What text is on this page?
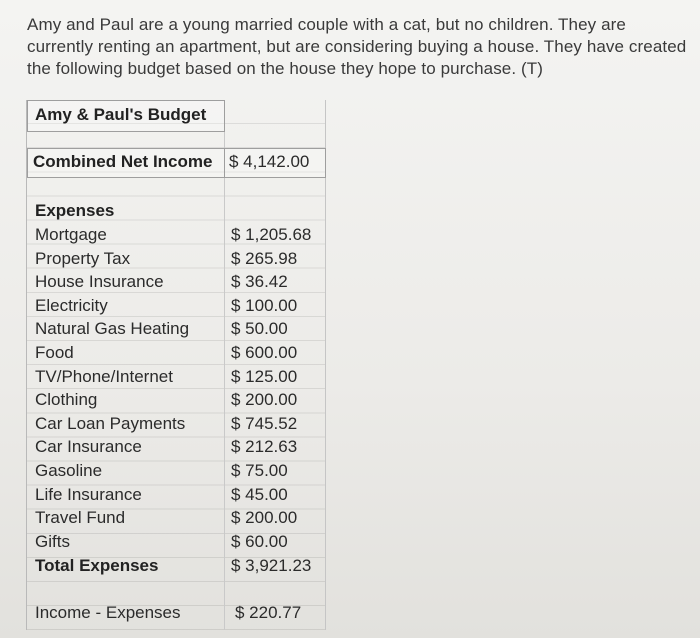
Amy and Paul are a young married couple with a cat, but no children. They are currently renting an apartment, but are considering buying a house. They have created the following budget based on the house they hope to purchase. (T)
Amy & Paul's Budget
Combined Net Income $ 4,142.00
Expenses
Mortgage	$ 1,205.68
Property Tax	$ 265.98
House Insurance	$ 36.42
Electricity	$ 100.00
Natural Gas Heating $ 50.00
Food	$ 600.00
TV/Phone/Internet	$ 125.00
Clothing	$ 200.00
Car Loan Payments	$ 745.52
Car Insurance	$ 212.63
Gasoline	$ 75.00
Life Insurance	$ 45.00
Travel Fund	$ 200.00
Gifts	$ 60.00
Total Expenses	$ 3,921.23
Income - Expenses	$ 220.77
